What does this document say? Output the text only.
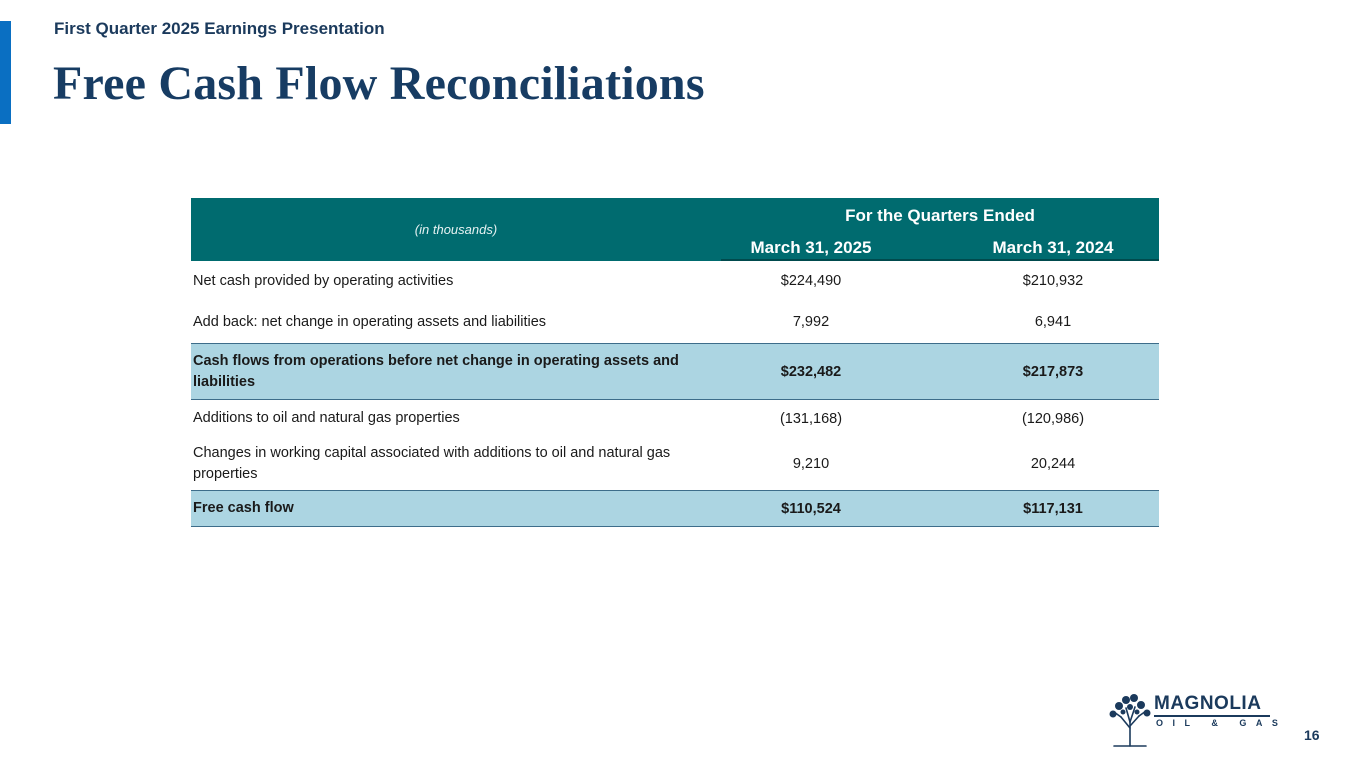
First Quarter 2025 Earnings Presentation
Free Cash Flow Reconciliations
(in thousands)
For the Quarters Ended
March 31, 2025	March 31, 2024
Net cash provided by operating activities	$224,490	$210,932
Add back: net change in operating assets and liabilities	7,992	6,941
Cash flows from operations before net change in operating assets and liabilities
$232,482	$217,873
Additions to oil and natural gas properties	(131,168)	(120,986)
Changes in working capital associated with additions to oil and natural gas properties
9,210	20,244
Free cash flow	$110,524	$117,131
MAGNOLIA
OIL & GAS
16
